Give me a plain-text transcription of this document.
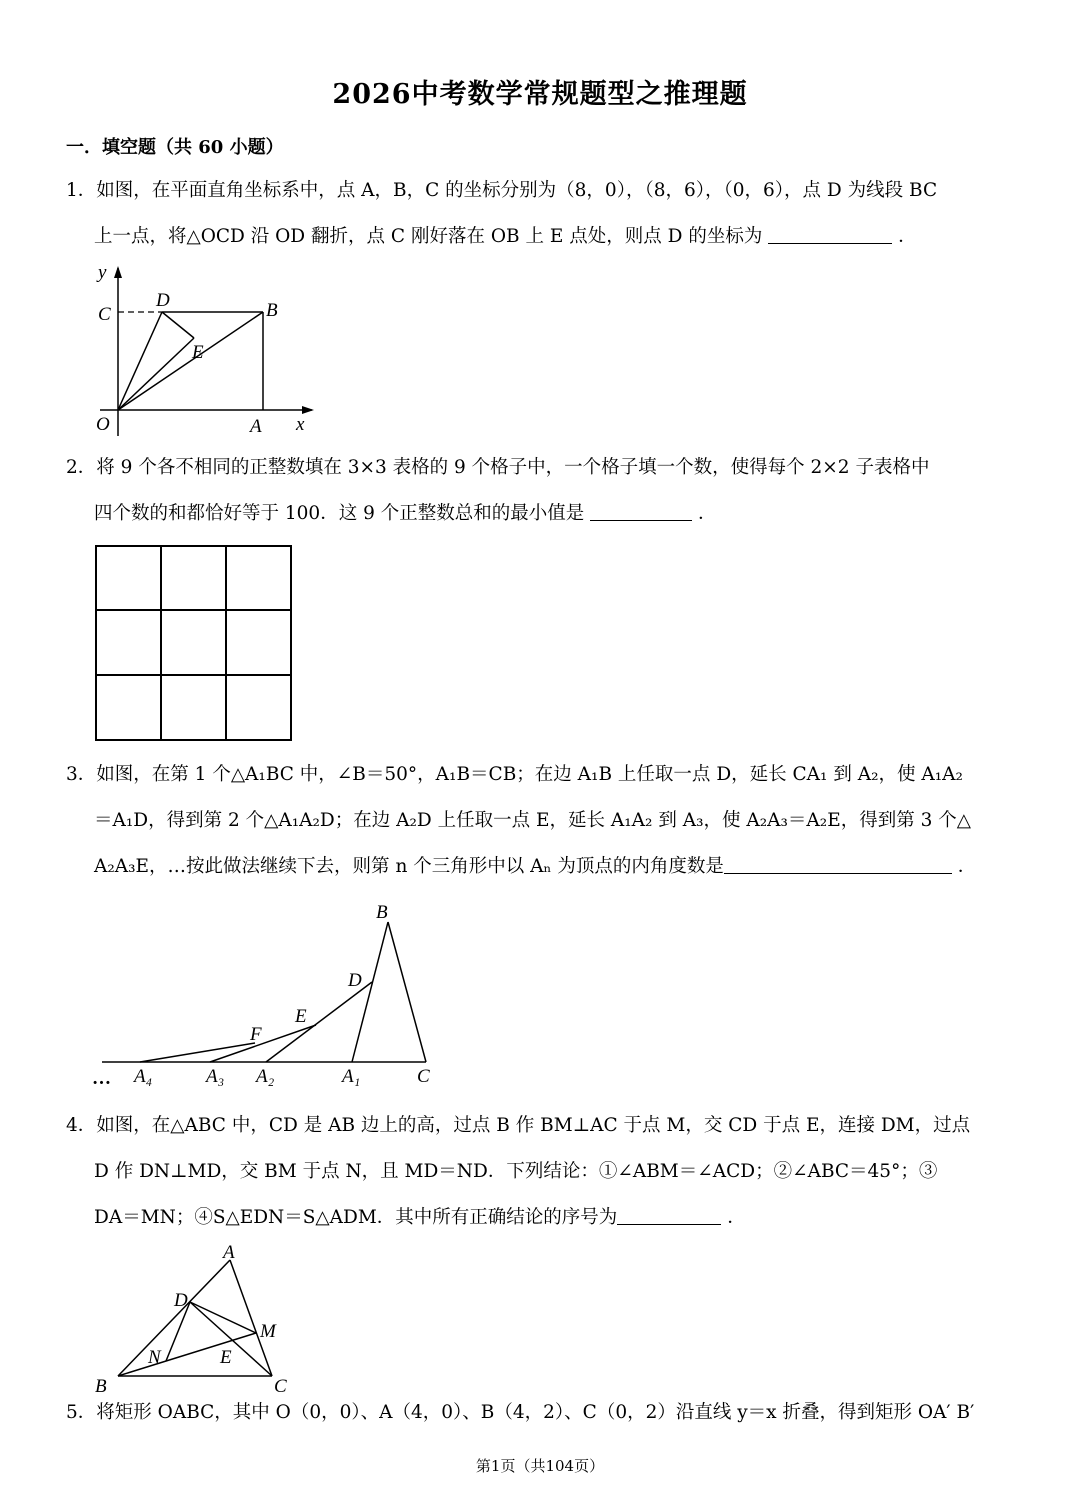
2026中考数学常规题型之推理题
一．填空题（共 60 小题）
1．如图，在平面直角坐标系中，点 A，B，C 的坐标分别为（8，0），（8，6），（0，6），点 D 为线段 BC
上一点，将△OCD 沿 OD 翻折，点 C 刚好落在 OB 上 E 点处，则点 D 的坐标为	．
y
x
O	A
B
C
D
E
2．将 9 个各不相同的正整数填在 3×3 表格的 9 个格子中，一个格子填一个数，使得每个 2×2 子表格中
四个数的和都恰好等于 100．这 9 个正整数总和的最小值是	．
3．如图，在第 1 个△A₁BC 中，∠B＝50°，A₁B＝CB；在边 A₁B 上任取一点 D，延长 CA₁ 到 A₂，使 A₁A₂
＝A₁D，得到第 2 个△A₁A₂D；在边 A₂D 上任取一点 E，延长 A₁A₂ 到 A₃，使 A₂A₃＝A₂E，得到第 3 个△
A₂A₃E，…按此做法继续下去，则第 n 个三角形中以 Aₙ 为顶点的内角度数是	．
B
D
E
F
A₄	A₃ A₂	A₁	C
…
4．如图，在△ABC 中，CD 是 AB 边上的高，过点 B 作 BM⊥AC 于点 M，交 CD 于点 E，连接 DM，过点
D 作 DN⊥MD，交 BM 于点 N，且 MD＝ND．下列结论：①∠ABM＝∠ACD；②∠ABC＝45°；③
DA＝MN；④S△EDN＝S△ADM．其中所有正确结论的序号为	．
A
D
M
N	E
B	C
5．将矩形 OABC，其中 O（0，0）、A（4，0）、B（4，2）、C（0，2）沿直线 y＝x 折叠，得到矩形 OA′ B′
第1页（共104页）
